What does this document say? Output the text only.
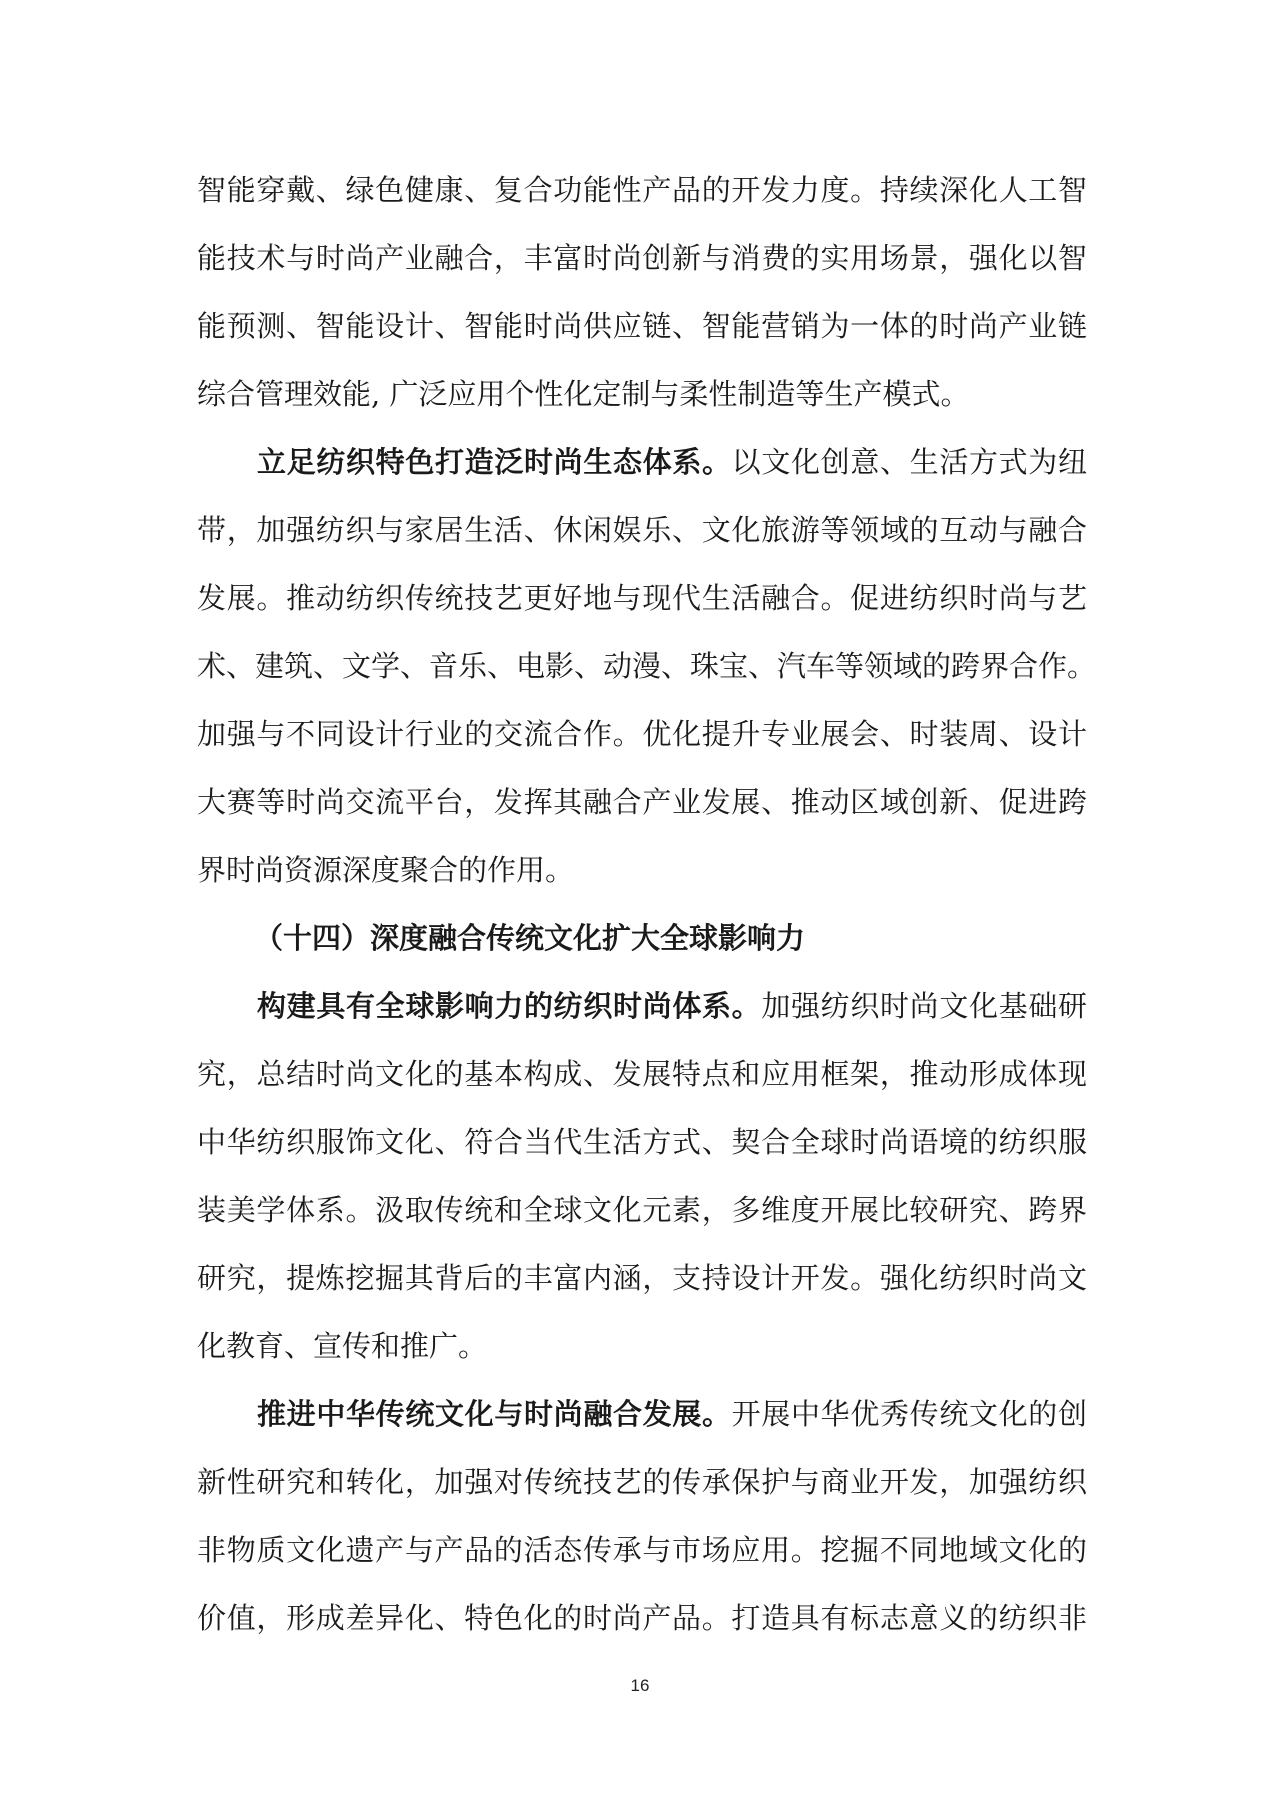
智能穿戴、绿色健康、复合功能性产品的开发力度。持续深化人工智
能技术与时尚产业融合，丰富时尚创新与消费的实用场景，强化以智
能预测、智能设计、智能时尚供应链、智能营销为一体的时尚产业链
综合管理效能, 广泛应用个性化定制与柔性制造等生产模式。
立足纺织特色打造泛时尚生态体系。以文化创意、生活方式为纽
带，加强纺织与家居生活、休闲娱乐、文化旅游等领域的互动与融合
发展。推动纺织传统技艺更好地与现代生活融合。促进纺织时尚与艺
术、建筑、文学、音乐、电影、动漫、珠宝、汽车等领域的跨界合作。
加强与不同设计行业的交流合作。优化提升专业展会、时装周、设计
大赛等时尚交流平台，发挥其融合产业发展、推动区域创新、促进跨
界时尚资源深度聚合的作用。
（十四）深度融合传统文化扩大全球影响力
构建具有全球影响力的纺织时尚体系。加强纺织时尚文化基础研
究，总结时尚文化的基本构成、发展特点和应用框架，推动形成体现
中华纺织服饰文化、符合当代生活方式、契合全球时尚语境的纺织服
装美学体系。汲取传统和全球文化元素，多维度开展比较研究、跨界
研究，提炼挖掘其背后的丰富内涵，支持设计开发。强化纺织时尚文
化教育、宣传和推广。
推进中华传统文化与时尚融合发展。开展中华优秀传统文化的创
新性研究和转化，加强对传统技艺的传承保护与商业开发，加强纺织
非物质文化遗产与产品的活态传承与市场应用。挖掘不同地域文化的
价值，形成差异化、特色化的时尚产品。打造具有标志意义的纺织非
16
